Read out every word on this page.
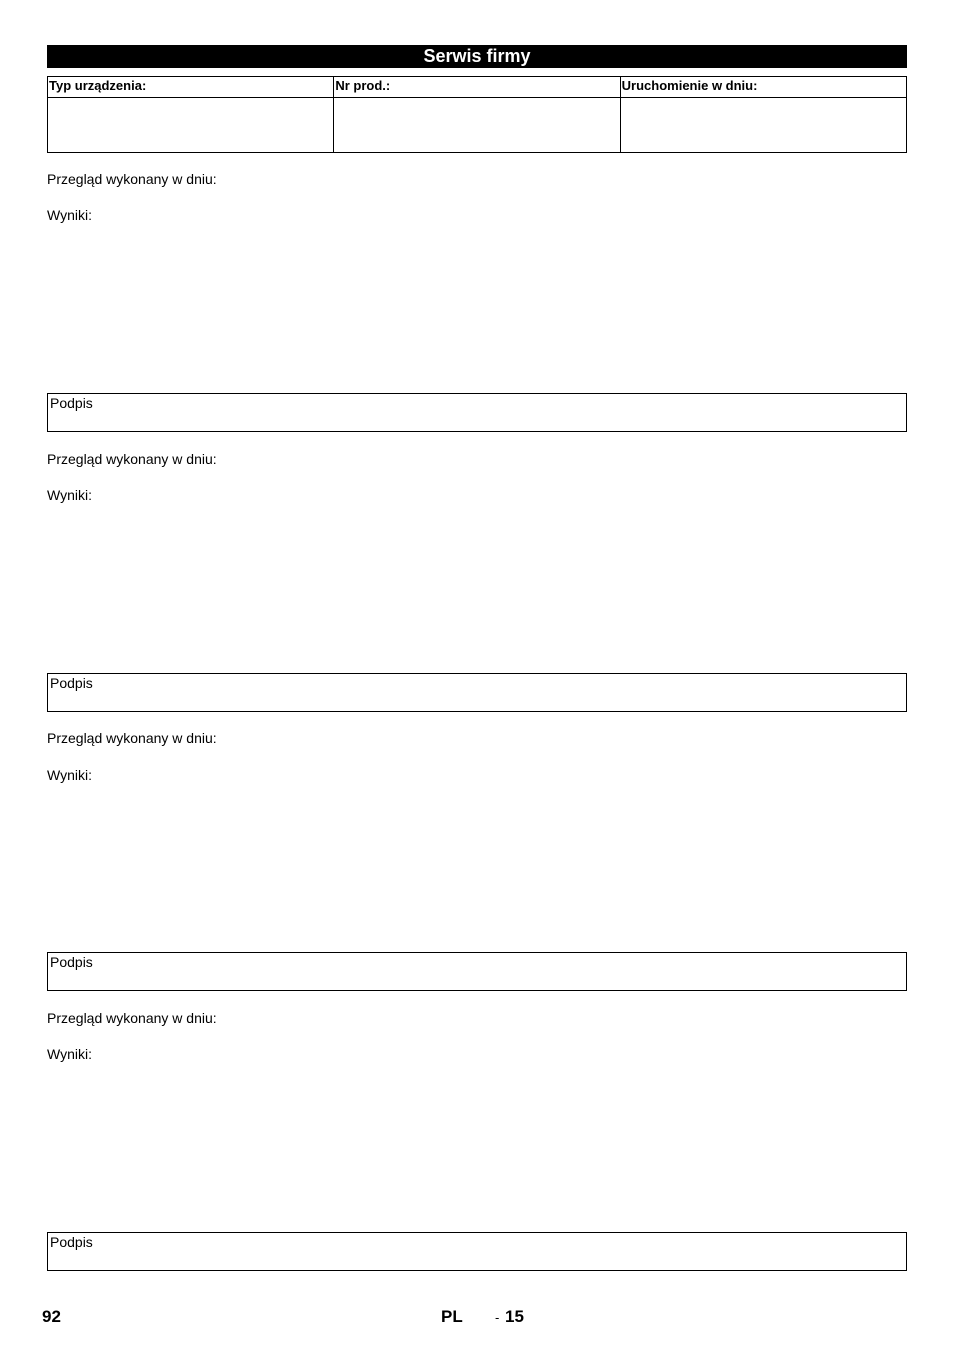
Serwis firmy
Typ urządzenia:	Nr prod.:	Uruchomienie w dniu:

Przegląd wykonany w dniu:
Wyniki:
Podpis
Przegląd wykonany w dniu:
Wyniki:
Podpis
Przegląd wykonany w dniu:
Wyniki:
Podpis
Przegląd wykonany w dniu:
Wyniki:
Podpis
92	PL - 15
